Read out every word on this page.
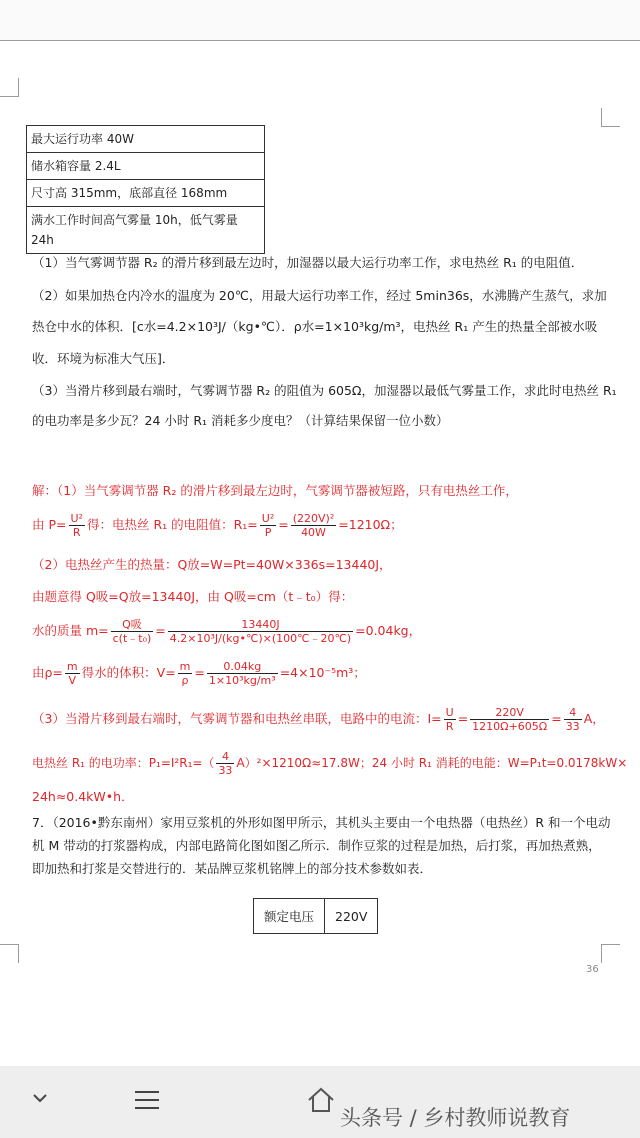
最大运行功率 40W
储水箱容量 2.4L
尺寸高 315mm，底部直径 168mm
满水工作时间高气雾量 10h，低气雾量 24h
（1）当气雾调节器 R₂ 的滑片移到最左边时，加湿器以最大运行功率工作，求电热丝 R₁ 的电阻值．
（2）如果加热仓内冷水的温度为 20℃，用最大运行功率工作，经过 5min36s，水沸腾产生蒸气，求加
热仓中水的体积．[c水=4.2×10³J/（kg•℃）．ρ水=1×10³kg/m³，电热丝 R₁ 产生的热量全部被水吸
收．环境为标准大气压]．
（3）当滑片移到最右端时，气雾调节器 R₂ 的阻值为 605Ω，加湿器以最低气雾量工作，求此时电热丝 R₁
的电功率是多少瓦？24 小时 R₁ 消耗多少度电？（计算结果保留一位小数）
解：（1）当气雾调节器 R₂ 的滑片移到最左边时，气雾调节器被短路，只有电热丝工作，
由 $P= \frac{\text{U²}}{R}$ 得：电热丝 R₁ 的电阻值：$R_1= \frac{\text{U²}}{P} = \frac{\text{(220V)²}}{40W} =1210\Omega$；
（2）电热丝产生的热量：Q放=W=Pt=40W×336s=13440J，
由题意得 Q吸=Q放=13440J，由 Q吸=cm（t﹣t₀）得：
水的质量 $m= \frac{\text{Q吸}}{\text{c(t﹣t₀)}} = \frac{13440J}{\text{4.2×10³J/(kg•℃)×(100℃﹣20℃)}} =0.04kg$，
由$\rho= \frac{m}{V}$ 得水的体积：$V= \frac{m}{\rho} = \frac{0.04kg}{\text{1×10³kg/m³}} =4\times 10^{-5}m^3$；
（3）当滑片移到最右端时，气雾调节器和电热丝串联，电路中的电流：$I= \frac{U}{R} = \frac{220V}{1210\Omega+605\Omega} = \frac{4}{33}$ A，
电热丝 R₁ 的电功率：$P_1=I^2R_1=( \frac{4}{33} A)^2\times 1210\Omega\approx 17.8W$；24 小时 R₁ 消耗的电能：W=P₁t=0.0178kW×
24h≈0.4kW•h．
7．（2016•黔东南州）家用豆浆机的外形如图甲所示，其机头主要由一个电热器（电热丝）R 和一个电动
机 M 带动的打浆器构成，内部电路简化图如图乙所示．制作豆浆的过程是加热，后打浆，再加热煮熟，
即加热和打浆是交替进行的．某品牌豆浆机铭牌上的部分技术参数如表．
额定电压	220V
36
头条号 / 乡村教师说教育
